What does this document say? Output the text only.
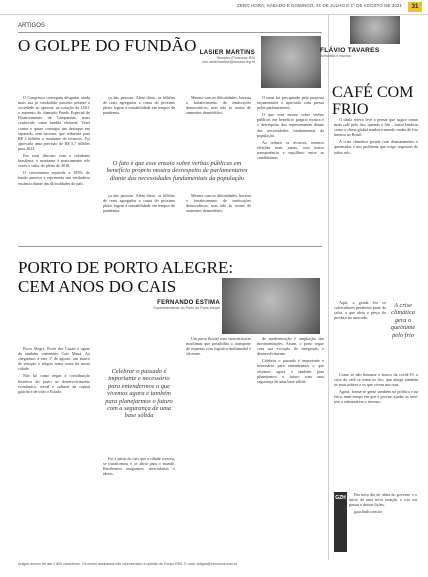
ZERO HORA, SÁBADO E DOMINGO, 31 DE JULHO E 1º DE AGOSTO DE 2021	31
ARTIGOS
O GOLPE DO FUNDÃO LASIER MARTINS
Senador (Podemos-RS)
sen.lasiermartins@senado.leg.br

O Congresso conseguiu desgastar ainda mais sua já combalida conceito perante a sociedade ao aprovar, na votação da LDO, o aumento do chamado Fundo Especial de Financiamento de Campanhas, mais conhecido como fundão eleitoral. Votei contra e quase consegui um destaque em separado, sem sucesso, que reduziria para R$ 2 bilhões o montante de recursos. Foi aprovada uma previsão de R$ 5,7 bilhões para 2022.

Em total descaso com a cidadania brasileira, o montante é praticamente três vezes o valor do pleito de 2018.

O crescimento equivale a 185% do fundo anterior e representa um verdadeiro escárnio diante das dificuldades do país.

ça das pessoas. Além disso, os bilhões de reais agregados a conta do próximo pleito fogem à razoabilidade em tempos de pandemia.

Mesmo com as dificuldades, haveria o fortalecimento de instituições democráticas, mas não às custas de aumentos desmedidos.

O fato é que esse ensaio sobre verbas públicas em benefício próprio mostra desrespeito de parlamentares diante das necessidades fundamentais da população

ça das pessoas. Além disso, os bilhões de reais agregados a conta do próximo pleito fogem à razoabilidade em tempos de pandemia.

Mesmo com as dificuldades, haveria o fortalecimento de instituições democráticas, mas não às custas de aumentos desmedidos.

O tema foi precipitado pela proposta orçamentária e aprovado com pressa pelos parlamentares.

O que esse ensaio sobre verbas públicas em benefício próprio mostra é o desrespeito dos representantes diante das necessidades fundamentais da população.

Ao reduzir os recursos, teremos eleições mais justas, com maior transparência e equilíbrio entre as candidaturas.

PORTO DE PORTO ALEGRE: CEM ANOS DO CAIS
FERNANDO ESTIMA
Superintendente do Porto de Porto Alegre

Porto Alegre, Porto dos Casais e agora do também centenário Cais Mauá. Ao chegarmos a este 1º de agosto, um marco de emoção e alegria toma conta da nossa cidade.

Não há como negar a contribuição histórica do porto ao desenvolvimento econômico, social e cultural da capital gaúcha e de todo o Estado.

Celebrar o passado é importante e necessário para entendermos o que vivemos agora e também para planejarmos o futuro com a segurança de uma base sólida

Foi a partir do cais que a cidade cresceu, se transformou e se abriu para o mundo. Recebemos imigrantes, mercadorias e ideias.

Um porto fluvial com características marítimas que possibilita o transporte de riquezas com logística multimodal e eficiente.

de modernização e ampliação das movimentações. Assim, o porto segue com sua vocação de integração e desenvolvimento.

Celebrar o passado é importante e necessário para entendermos o que vivemos agora e também para planejarmos o futuro com uma segurança de uma base sólida.

FLÁVIO TAVARES
Jornalista e escritor
CAFÉ COM FRIO

O título relevo leve a pensar que sugiro tomar mais café pelo frio, quando o fim – busca lembrar como o clima global mudou trazendo ondas de frio intenso ao Brasil.

A crise climática gerada com desmatamento e queimadas é um problema que exige respostas de todos nós.

Aqui, a geada fez os cafeicultores perderem parte da safra, o que afeta o preço do produto no mercado.

A crise climática gera o queixume pelo frio

Como se não bastasse o horror da covid-19, a crise do café se soma ao frio, que atinge também os mais pobres e os que vivem nas ruas.

Agora, forma-se gente também na política e na ética, num tempo em que é preciso ajudar os sem-teto a enfrentarem o inverno.

GZH

Em novo dia de 'alma do governo' e o início de uma nova estação, o frio vai passar e deixar lições.

gauchazh.com.br

Artigos devem ter até 2.800 caracteres. Os textos assinados não representam a opinião do Grupo RBS. E-mail: artigos@zerohora.com.br
